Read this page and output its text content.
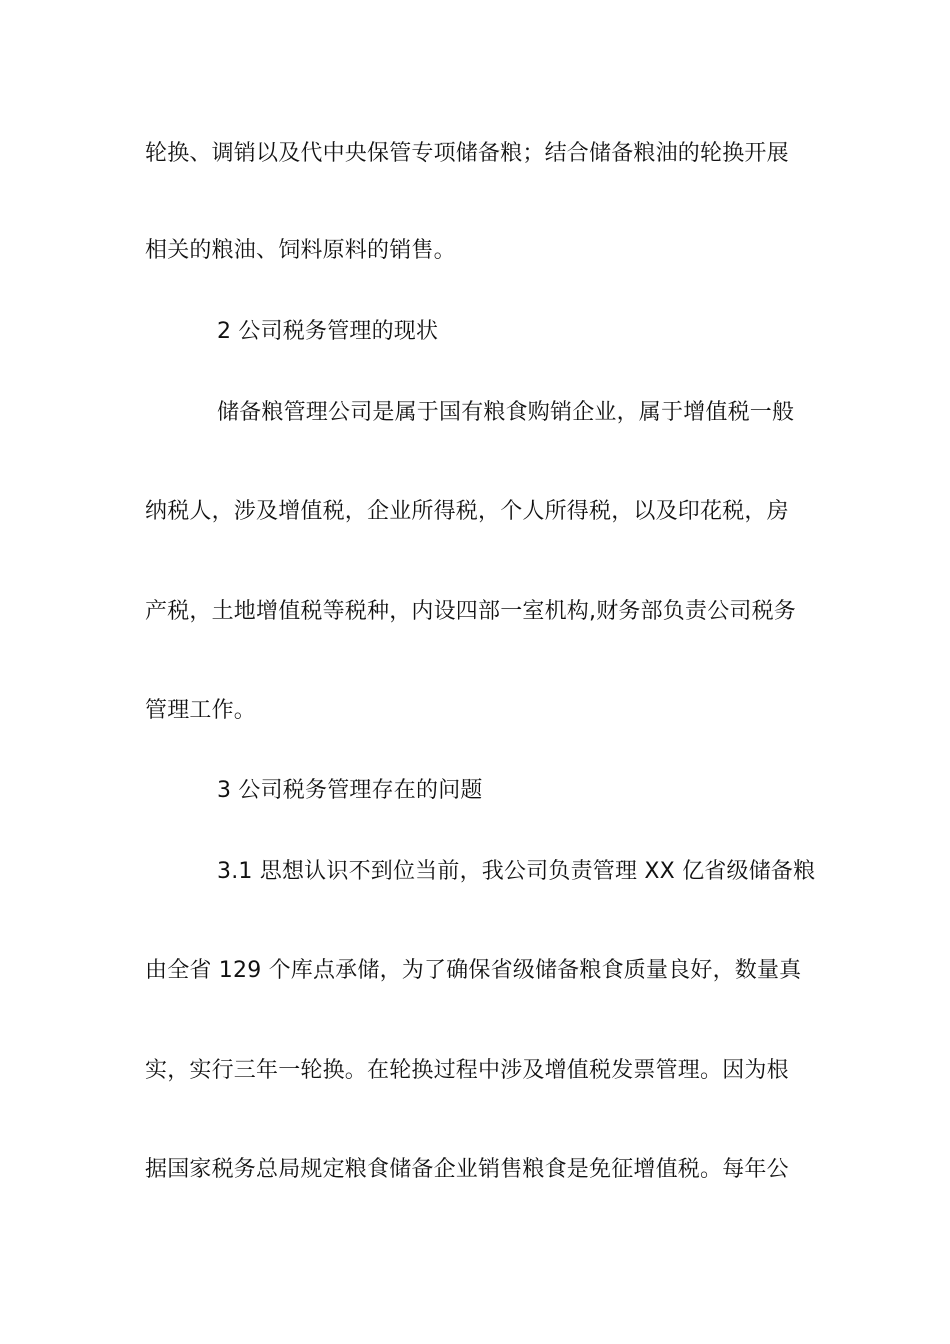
轮换、调销以及代中央保管专项储备粮；结合储备粮油的轮换开展
相关的粮油、饲料原料的销售。
2 公司税务管理的现状
储备粮管理公司是属于国有粮食购销企业，属于增值税一般
纳税人，涉及增值税，企业所得税，个人所得税，以及印花税，房
产税，土地增值税等税种，内设四部一室机构,财务部负责公司税务
管理工作。
3 公司税务管理存在的问题
3.1 思想认识不到位当前，我公司负责管理 XX 亿省级储备粮
由全省 129 个库点承储，为了确保省级储备粮食质量良好，数量真
实，实行三年一轮换。在轮换过程中涉及增值税发票管理。因为根
据国家税务总局规定粮食储备企业销售粮食是免征增值税。每年公
